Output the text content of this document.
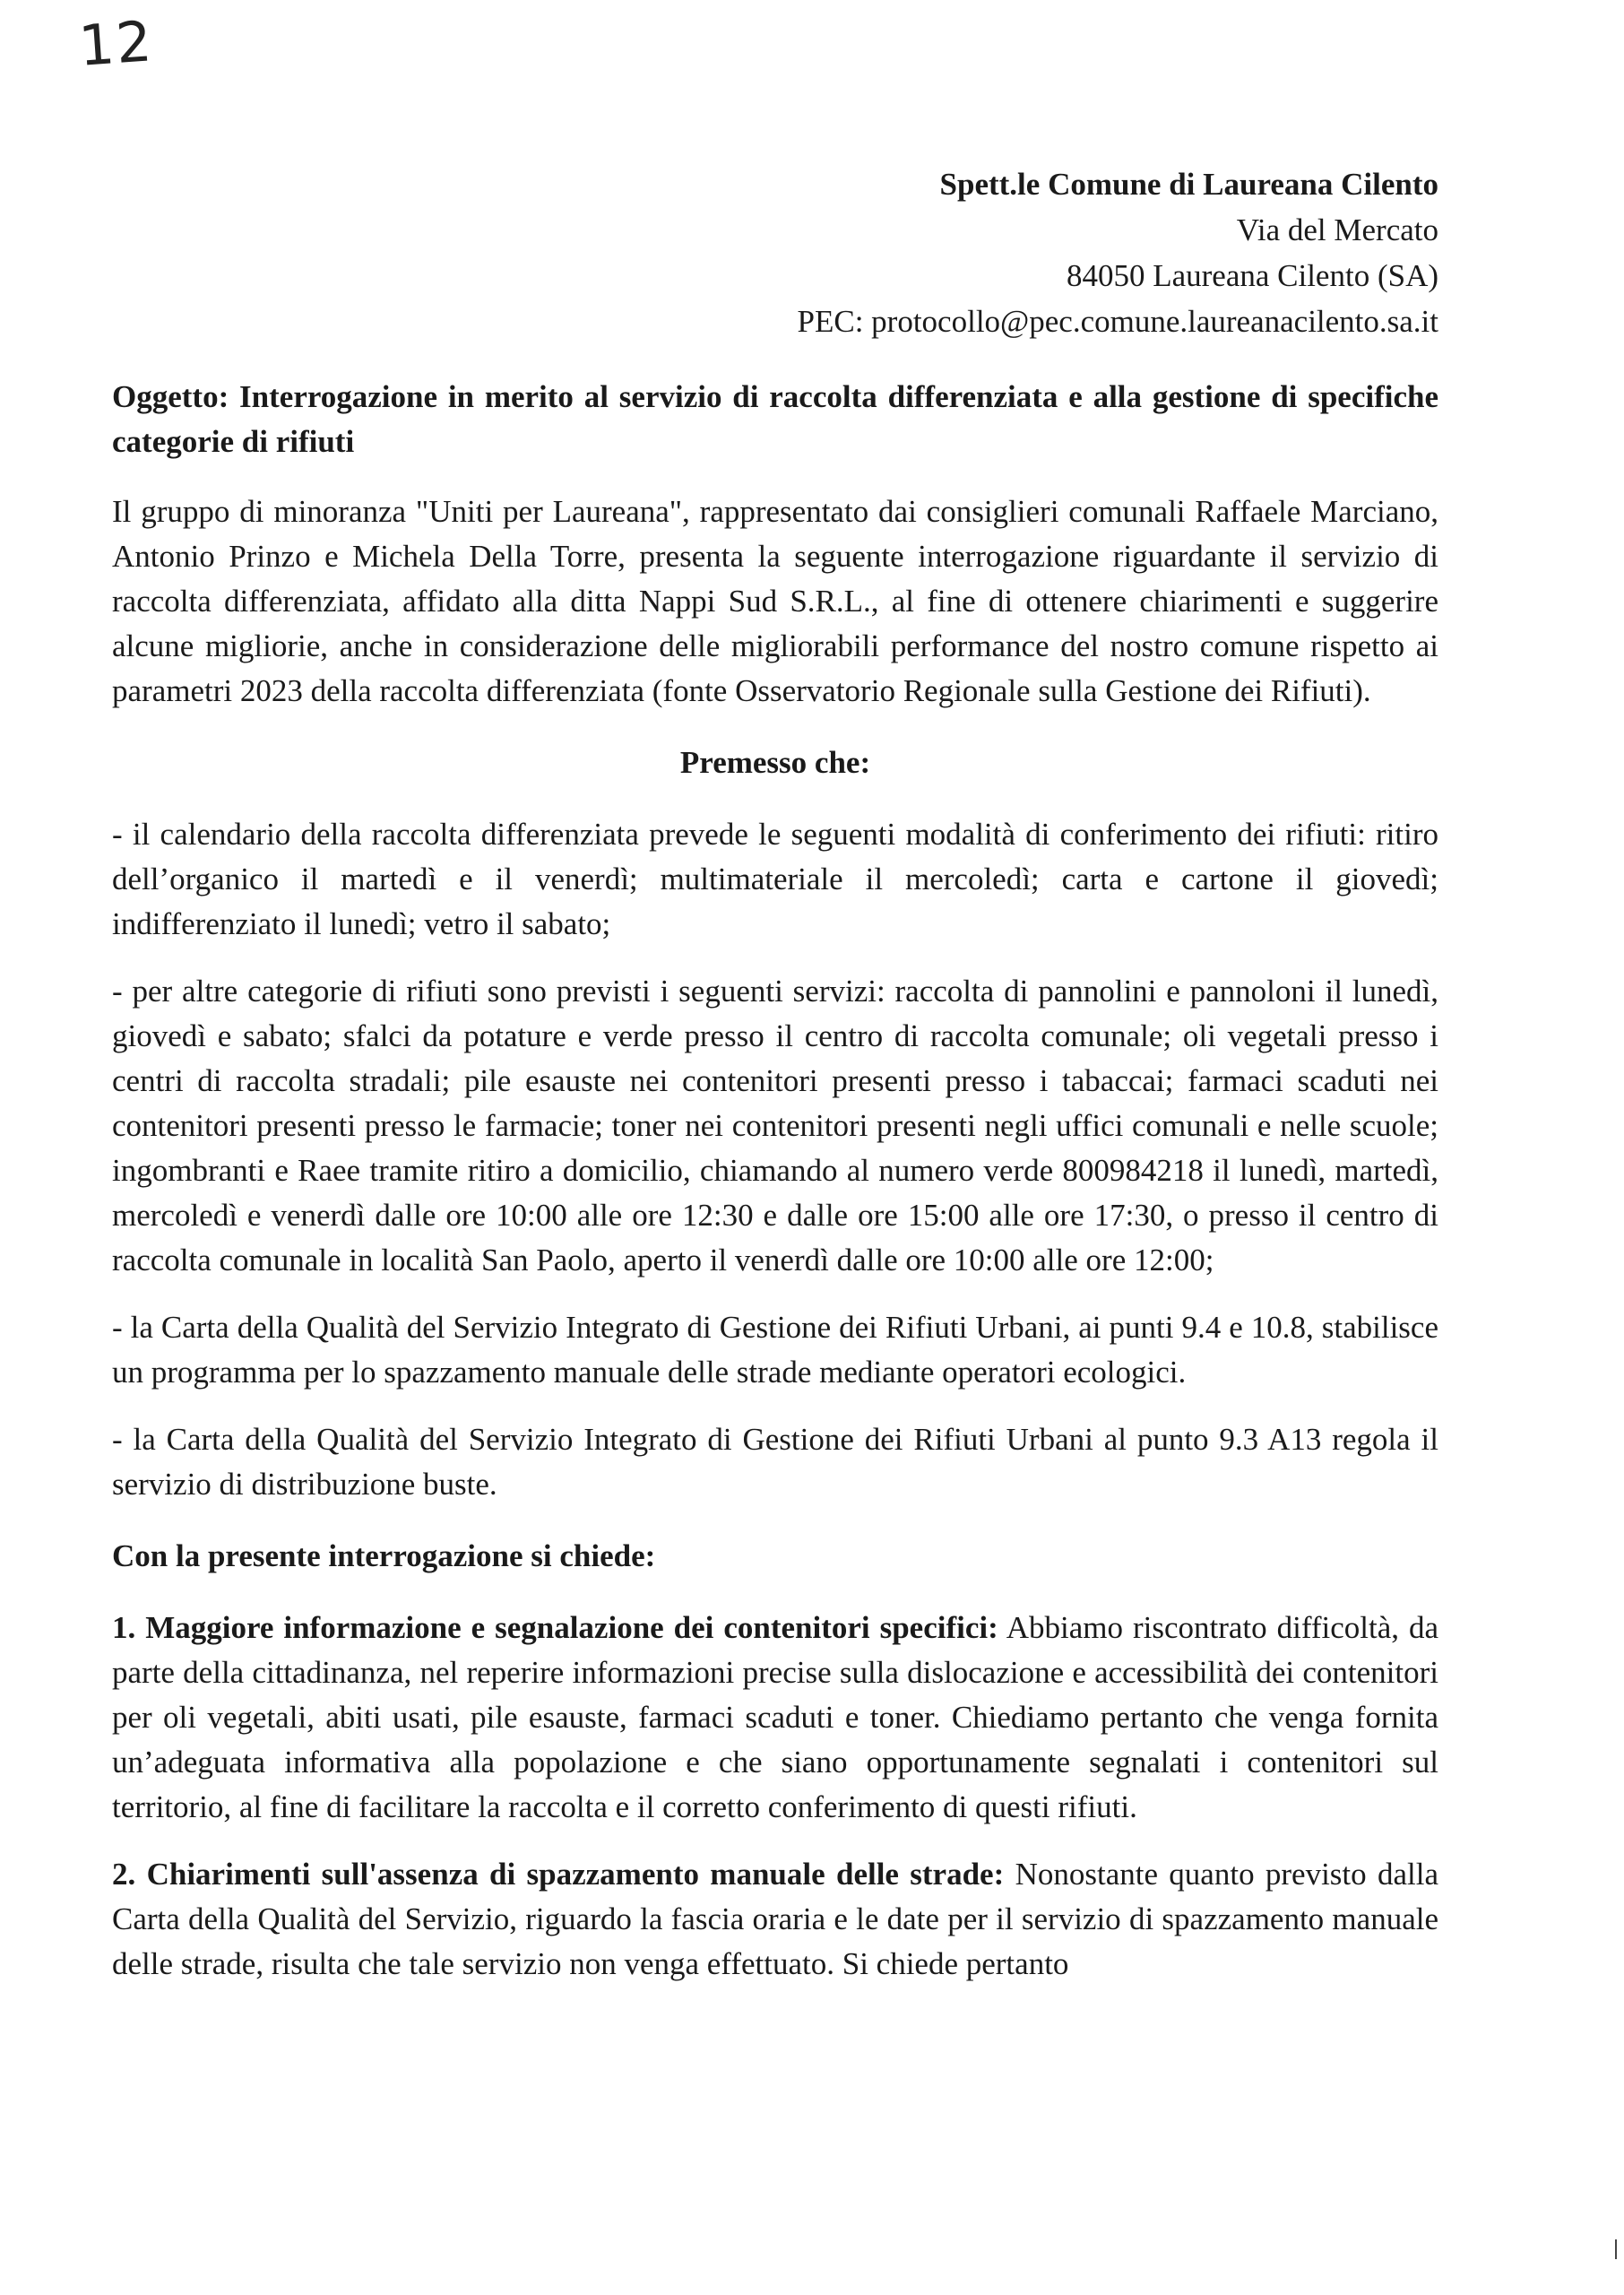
12
Spett.le Comune di Laureana Cilento
Via del Mercato
84050 Laureana Cilento (SA)
PEC: protocollo@pec.comune.laureanacilento.sa.it

Oggetto: Interrogazione in merito al servizio di raccolta differenziata e alla gestione di specifiche categorie di rifiuti

Il gruppo di minoranza "Uniti per Laureana", rappresentato dai consiglieri comunali Raffaele Marciano, Antonio Prinzo e Michela Della Torre, presenta la seguente interrogazione riguardante il servizio di raccolta differenziata, affidato alla ditta Nappi Sud S.R.L., al fine di ottenere chiarimenti e suggerire alcune migliorie, anche in considerazione delle migliorabili performance del nostro comune rispetto ai parametri 2023 della raccolta differenziata (fonte Osservatorio Regionale sulla Gestione dei Rifiuti).

Premesso che:

- il calendario della raccolta differenziata prevede le seguenti modalità di conferimento dei rifiuti: ritiro dell’organico il martedì e il venerdì; multimateriale il mercoledì; carta e cartone il giovedì; indifferenziato il lunedì; vetro il sabato;

- per altre categorie di rifiuti sono previsti i seguenti servizi: raccolta di pannolini e pannoloni il lunedì, giovedì e sabato; sfalci da potature e verde presso il centro di raccolta comunale; oli vegetali presso i centri di raccolta stradali; pile esauste nei contenitori presenti presso i tabaccai; farmaci scaduti nei contenitori presenti presso le farmacie; toner nei contenitori presenti negli uffici comunali e nelle scuole; ingombranti e Raee tramite ritiro a domicilio, chiamando al numero verde 800984218 il lunedì, martedì, mercoledì e venerdì dalle ore 10:00 alle ore 12:30 e dalle ore 15:00 alle ore 17:30, o presso il centro di raccolta comunale in località San Paolo, aperto il venerdì dalle ore 10:00 alle ore 12:00;

- la Carta della Qualità del Servizio Integrato di Gestione dei Rifiuti Urbani, ai punti 9.4 e 10.8, stabilisce un programma per lo spazzamento manuale delle strade mediante operatori ecologici.

- la Carta della Qualità del Servizio Integrato di Gestione dei Rifiuti Urbani al punto 9.3 A13 regola il servizio di distribuzione buste.

Con la presente interrogazione si chiede:

1. Maggiore informazione e segnalazione dei contenitori specifici: Abbiamo riscontrato difficoltà, da parte della cittadinanza, nel reperire informazioni precise sulla dislocazione e accessibilità dei contenitori per oli vegetali, abiti usati, pile esauste, farmaci scaduti e toner. Chiediamo pertanto che venga fornita un’adeguata informativa alla popolazione e che siano opportunamente segnalati i contenitori sul territorio, al fine di facilitare la raccolta e il corretto conferimento di questi rifiuti.

2. Chiarimenti sull'assenza di spazzamento manuale delle strade: Nonostante quanto previsto dalla Carta della Qualità del Servizio, riguardo la fascia oraria e le date per il servizio di spazzamento manuale delle strade, risulta che tale servizio non venga effettuato. Si chiede pertanto
